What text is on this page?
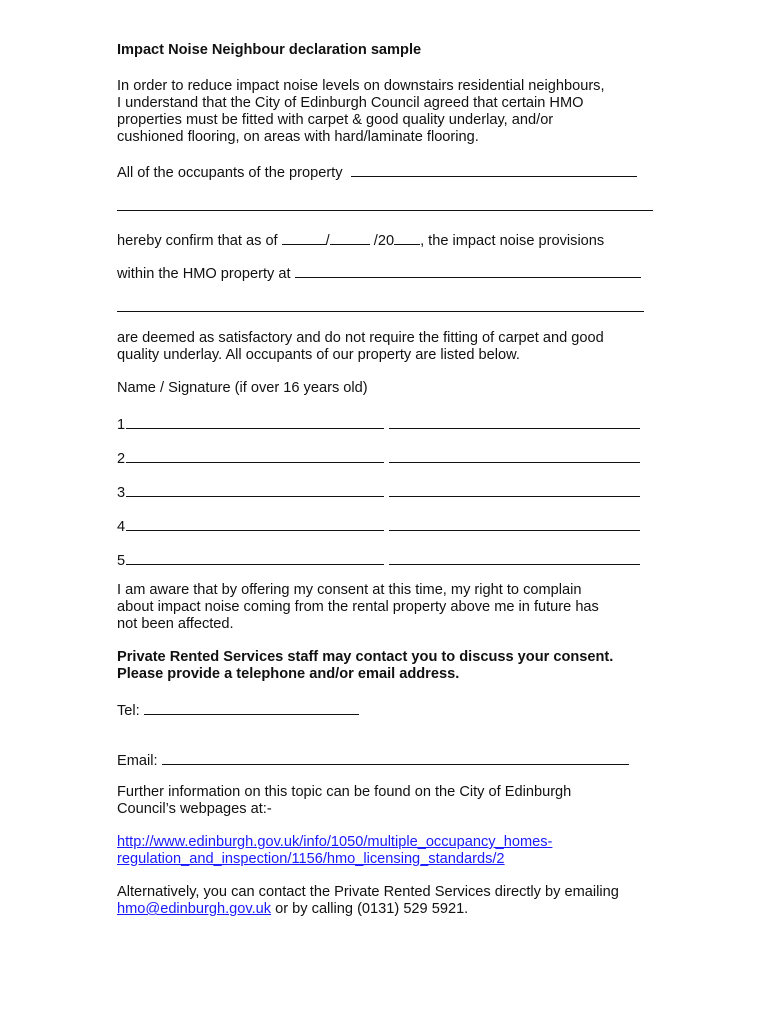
Impact Noise Neighbour declaration sample
In order to reduce impact noise levels on downstairs residential neighbours,
I understand that the City of Edinburgh Council agreed that certain HMO
properties must be fitted with carpet & good quality underlay, and/or
cushioned flooring, on areas with hard/laminate flooring.
All of the occupants of the property
hereby confirm that as of	/	/20 , the impact noise provisions
within the HMO property at
are deemed as satisfactory and do not require the fitting of carpet and good
quality underlay. All occupants of our property are listed below.
Name / Signature (if over 16 years old)
1
2
3
4
5
I am aware that by offering my consent at this time, my right to complain
about impact noise coming from the rental property above me in future has
not been affected.
Private Rented Services staff may contact you to discuss your consent.
Please provide a telephone and/or email address.
Tel:
Email:
Further information on this topic can be found on the City of Edinburgh
Council’s webpages at:-
http://www.edinburgh.gov.uk/info/1050/multiple_occupancy_homes-
regulation_and_inspection/1156/hmo_licensing_standards/2
Alternatively, you can contact the Private Rented Services directly by emailing
hmo@edinburgh.gov.uk or by calling (0131) 529 5921.
